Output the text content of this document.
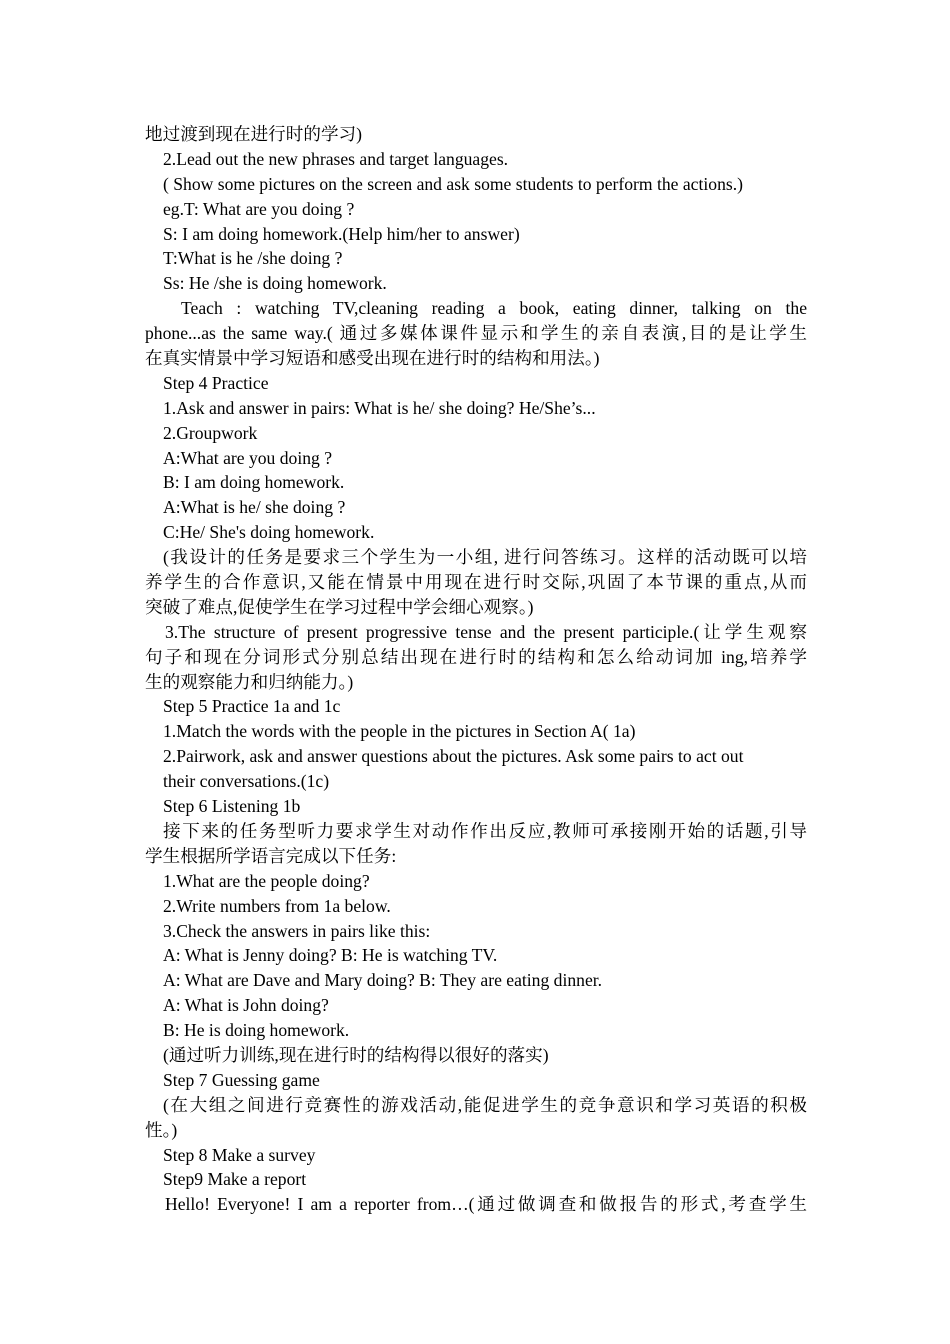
地过渡到现在进行时的学习)
2.Lead out the new phrases and target languages.
( Show some pictures on the screen and ask some students to perform the actions.)
eg.T: What are you doing ?
S: I am doing homework.(Help him/her to answer)
T:What is he /she doing ?
Ss: He /she is doing homework.
Teach : watching TV,cleaning reading a book, eating dinner, talking on the
phone...as the same way.( 通过多媒体课件显示和学生的亲自表演,目的是让学生
在真实情景中学习短语和感受出现在进行时的结构和用法。)
Step 4 Practice
1.Ask and answer in pairs: What is he/ she doing? He/She’s...
2.Groupwork
A:What are you doing ?
B: I am doing homework.
A:What is he/ she doing ?
C:He/ She's doing homework.
(我设计的任务是要求三个学生为一小组, 进行问答练习。这样的活动既可以培
养学生的合作意识,又能在情景中用现在进行时交际,巩固了本节课的重点,从而
突破了难点,促使学生在学习过程中学会细心观察。)
3.The structure of present progressive tense and the present participle.(让学生观察
句子和现在分词形式分别总结出现在进行时的结构和怎么给动词加 ing,培养学
生的观察能力和归纳能力。)
Step 5 Practice 1a and 1c
1.Match the words with the people in the pictures in Section A( 1a)
2.Pairwork, ask and answer questions about the pictures. Ask some pairs to act out
their conversations.(1c)
Step 6 Listening 1b
接下来的任务型听力要求学生对动作作出反应,教师可承接刚开始的话题,引导
学生根据所学语言完成以下任务:
1.What are the people doing?
2.Write numbers from 1a below.
3.Check the answers in pairs like this:
A: What is Jenny doing? B: He is watching TV.
A: What are Dave and Mary doing? B: They are eating dinner.
A: What is John doing?
B: He is doing homework.
(通过听力训练,现在进行时的结构得以很好的落实)
Step 7 Guessing game
(在大组之间进行竞赛性的游戏活动,能促进学生的竞争意识和学习英语的积极
性。)
Step 8 Make a survey
Step9 Make a report
Hello! Everyone! I am a reporter from…(通过做调查和做报告的形式,考查学生
